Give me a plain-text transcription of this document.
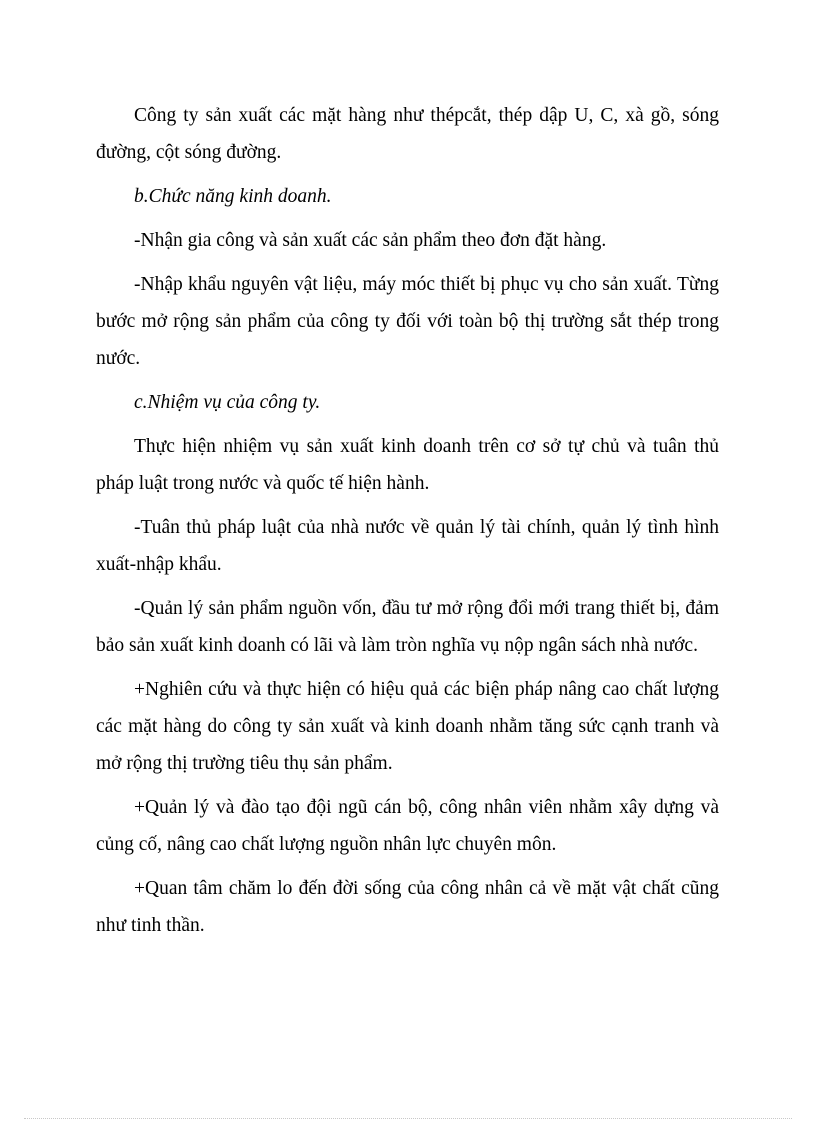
Công ty sản xuất các mặt hàng như thépcắt, thép dập U, C, xà gồ, sóng đường, cột sóng đường.

b.Chức năng kinh doanh.

-Nhận gia công và sản xuất các sản phẩm theo đơn đặt hàng.

-Nhập khẩu nguyên vật liệu, máy móc thiết bị phục vụ cho sản xuất. Từng bước mở rộng sản phẩm của công ty đối với toàn bộ thị trường sắt thép trong nước.

c.Nhiệm vụ của công ty.

Thực hiện nhiệm vụ sản xuất kinh doanh trên cơ sở tự chủ và tuân thủ pháp luật trong nước và quốc tế hiện hành.

-Tuân thủ pháp luật của nhà nước về quản lý tài chính, quản lý tình hình xuất-nhập khẩu.

-Quản lý sản phẩm nguồn vốn, đầu tư mở rộng đổi mới trang thiết bị, đảm bảo sản xuất kinh doanh có lãi và làm tròn nghĩa vụ nộp ngân sách nhà nước.

+Nghiên cứu và thực hiện có hiệu quả các biện pháp nâng cao chất lượng các mặt hàng do công ty sản xuất và kinh doanh nhằm tăng sức cạnh tranh và mở rộng thị trường tiêu thụ sản phẩm.

+Quản lý và đào tạo đội ngũ cán bộ, công nhân viên nhằm xây dựng và củng cố, nâng cao chất lượng nguồn nhân lực chuyên môn.

+Quan tâm chăm lo đến đời sống của công nhân cả về mặt vật chất cũng như tinh thần.
